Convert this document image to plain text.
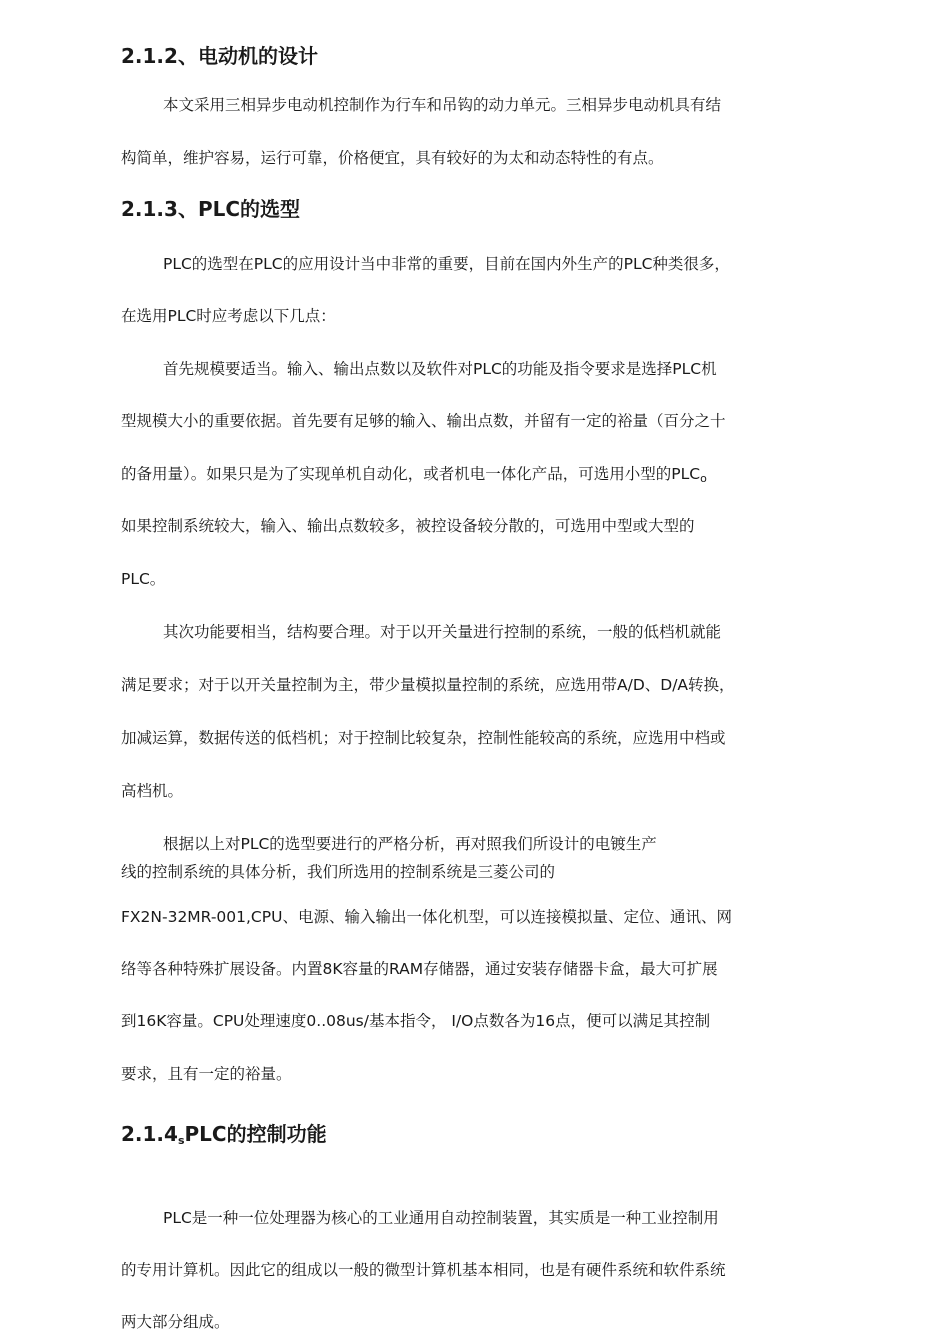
2.1.2、电动机的设计

本文采用三相异步电动机控制作为行车和吊钩的动力单元。三相异步电动机具有结

构简单，维护容易，运行可靠，价格便宜，具有较好的为太和动态特性的有点。

2.1.3、PLC的选型

PLC的选型在PLC的应用设计当中非常的重要，目前在国内外生产的PLC种类很多，

在选用PLC时应考虑以下几点：

首先规模要适当。输入、输出点数以及软件对PLC的功能及指令要求是选择PLC机

型规模大小的重要依据。首先要有足够的输入、输出点数，并留有一定的裕量（百分之十

的备用量）。如果只是为了实现单机自动化，或者机电一体化产品，可选用小型的PLCo

如果控制系统较大，输入、输出点数较多，被控设备较分散的，可选用中型或大型的

PLC。

其次功能要相当，结构要合理。对于以开关量进行控制的系统，一般的低档机就能

满足要求；对于以开关量控制为主，带少量模拟量控制的系统，应选用带A/D、D/A转换，

加减运算，数据传送的低档机；对于控制比较复杂，控制性能较高的系统，应选用中档或

高档机。

根据以上对PLC的选型要进行的严格分析，再对照我们所设计的电镀生产

线的控制系统的具体分析，我们所选用的控制系统是三菱公司的

FX2N-32MR-001,CPU、电源、输入输出一体化机型，可以连接模拟量、定位、通讯、网

络等各种特殊扩展设备。内置8K容量的RAM存储器，通过安装存储器卡盒，最大可扩展

到16K容量。CPU处理速度0..08us/基本指令， I/O点数各为16点，便可以满足其控制

要求，且有一定的裕量。

2.1.4sPLC的控制功能

PLC是一种一位处理器为核心的工业通用自动控制装置，其实质是一种工业控制用

的专用计算机。因此它的组成以一般的微型计算机基本相同，也是有硬件系统和软件系统

两大部分组成。
